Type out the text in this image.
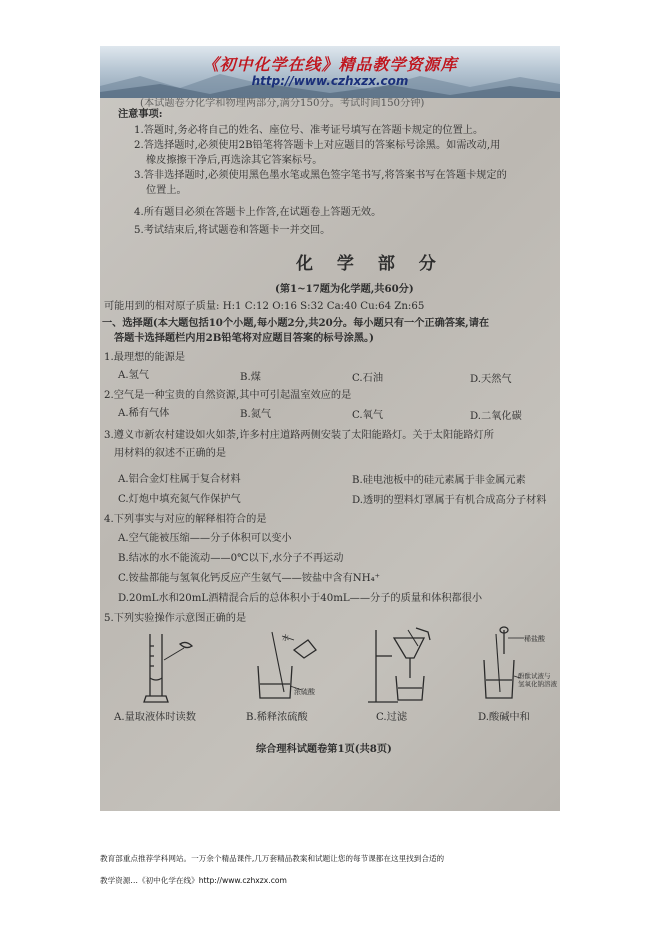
《初中化学在线》精品教学资源库
http://www.czhxzx.com
(本试题卷分化学和物理两部分,满分150分。考试时间150分钟)
注意事项:
1.答题时,务必将自己的姓名、座位号、准考证号填写在答题卡规定的位置上。
2.答选择题时,必须使用2B铅笔将答题卡上对应题目的答案标号涂黑。如需改动,用
橡皮擦擦干净后,再选涂其它答案标号。
3.答非选择题时,必须使用黑色墨水笔或黑色签字笔书写,将答案书写在答题卡规定的
位置上。
4.所有题目必须在答题卡上作答,在试题卷上答题无效。
5.考试结束后,将试题卷和答题卡一并交回。
化 学 部 分
(第1~17题为化学题,共60分)
可能用到的相对原子质量: H:1 C:12 O:16 S:32 Ca:40 Cu:64 Zn:65
一、选择题(本大题包括10个小题,每小题2分,共20分。每小题只有一个正确答案,请在
答题卡选择题栏内用2B铅笔将对应题目答案的标号涂黑。)
1.最理想的能源是
A.氢气	B.煤	C.石油	D.天然气
2.空气是一种宝贵的自然资源,其中可引起温室效应的是
A.稀有气体	B.氮气	C.氧气	D.二氧化碳
3.遵义市新农村建设如火如荼,许多村庄道路两侧安装了太阳能路灯。关于太阳能路灯所
用材料的叙述不正确的是
A.铝合金灯柱属于复合材料	B.硅电池板中的硅元素属于非金属元素
C.灯炮中填充氮气作保护气	D.透明的塑料灯罩属于有机合成高分子材料
4.下列事实与对应的解释相符合的是
A.空气能被压缩——分子体积可以变小
B.结冰的水不能流动——0℃以下,水分子不再运动
C.铵盐都能与氢氧化钙反应产生氨气——铵盐中含有NH₄⁺
D.20mL水和20mL酒精混合后的总体积小于40mL——分子的质量和体积都很小
5.下列实验操作示意图正确的是
水
浓硫酸
稀盐酸
酚酞试液与
氢氧化钠溶液
A.量取液体时读数	B.稀释浓硫酸	C.过滤	D.酸碱中和
综合理科试题卷第1页(共8页)
教育部重点推荐学科网站。一万余个精品课件,几万套精品教案和试题让您的每节课都在这里找到合适的
教学资源…《初中化学在线》http://www.czhxzx.com
